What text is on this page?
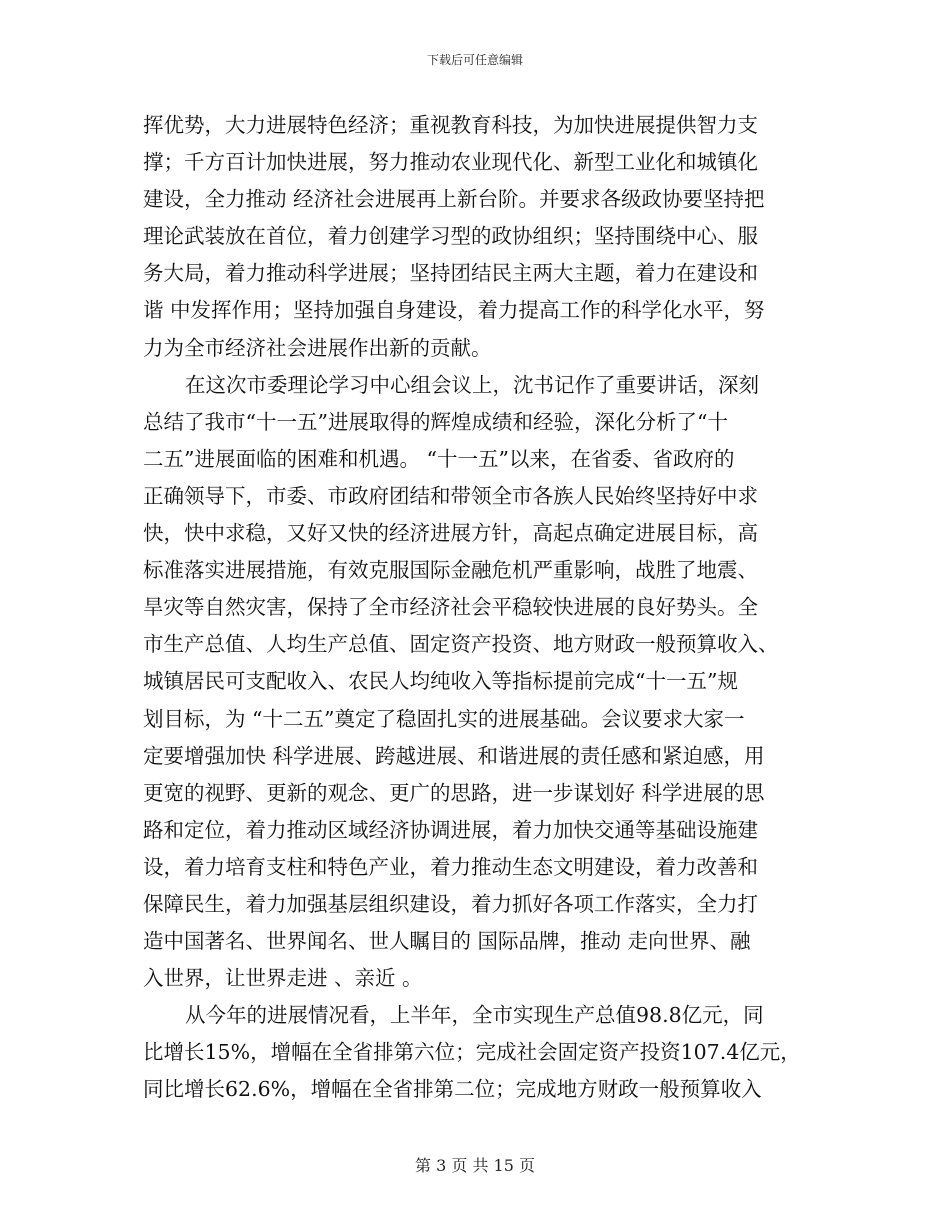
下载后可任意编辑
挥优势，大力进展特色经济；重视教育科技，为加快进展提供智力支
撑；千方百计加快进展，努力推动农业现代化、新型工业化和城镇化
建设，全力推动 经济社会进展再上新台阶。并要求各级政协要坚持把
理论武装放在首位，着力创建学习型的政协组织；坚持围绕中心、服
务大局，着力推动科学进展；坚持团结民主两大主题，着力在建设和
谐 中发挥作用；坚持加强自身建设，着力提高工作的科学化水平，努
力为全市经济社会进展作出新的贡献。
在这次市委理论学习中心组会议上，沈书记作了重要讲话，深刻
总结了我市“十一五”进展取得的辉煌成绩和经验，深化分析了“十
二五”进展面临的困难和机遇。 “十一五”以来，在省委、省政府的
正确领导下，市委、市政府团结和带领全市各族人民始终坚持好中求
快，快中求稳，又好又快的经济进展方针，高起点确定进展目标，高
标准落实进展措施，有效克服国际金融危机严重影响，战胜了地震、
旱灾等自然灾害，保持了全市经济社会平稳较快进展的良好势头。全
市生产总值、人均生产总值、固定资产投资、地方财政一般预算收入、
城镇居民可支配收入、农民人均纯收入等指标提前完成“十一五”规
划目标，为 “十二五”奠定了稳固扎实的进展基础。会议要求大家一
定要增强加快 科学进展、跨越进展、和谐进展的责任感和紧迫感，用
更宽的视野、更新的观念、更广的思路，进一步谋划好 科学进展的思
路和定位，着力推动区域经济协调进展，着力加快交通等基础设施建
设，着力培育支柱和特色产业，着力推动生态文明建设，着力改善和
保障民生，着力加强基层组织建设，着力抓好各项工作落实，全力打
造中国著名、世界闻名、世人瞩目的 国际品牌，推动 走向世界、融
入世界，让世界走进 、亲近 。
从今年的进展情况看，上半年，全市实现生产总值98.8亿元，同
比增长15%，增幅在全省排第六位；完成社会固定资产投资107.4亿元，
同比增长62.6%，增幅在全省排第二位；完成地方财政一般预算收入
第 3 页 共 15 页
